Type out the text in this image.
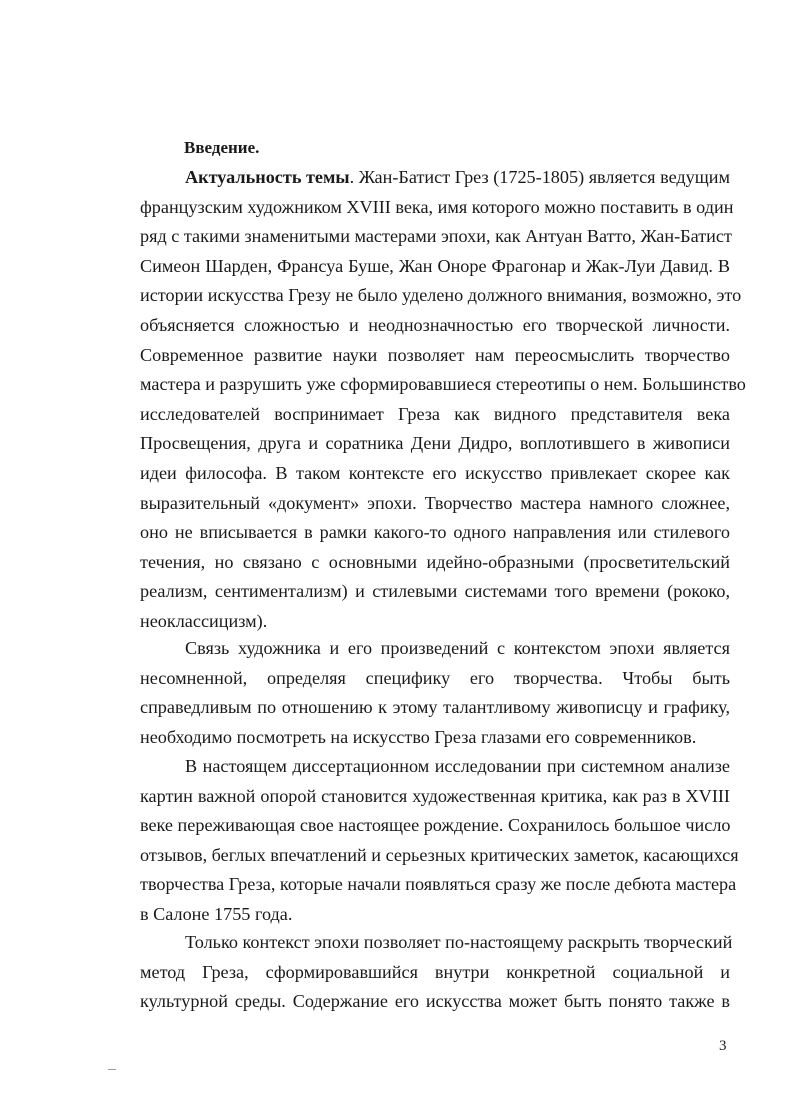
Введение.
Актуальность темы. Жан-Батист Грез (1725-1805) является ведущим
французским художником XVIII века, имя которого можно поставить в один
ряд с такими знаменитыми мастерами эпохи, как Антуан Ватто, Жан-Батист
Симеон Шарден, Франсуа Буше, Жан Оноре Фрагонар и Жак-Луи Давид. В
истории искусства Грезу не было уделено должного внимания, возможно, это
объясняется сложностью и неоднозначностью его творческой личности.
Современное развитие науки позволяет нам переосмыслить творчество
мастера и разрушить уже сформировавшиеся стереотипы о нем. Большинство
исследователей воспринимает Греза как видного представителя века
Просвещения, друга и соратника Дени Дидро, воплотившего в живописи
идеи философа. В таком контексте его искусство привлекает скорее как
выразительный «документ» эпохи. Творчество мастера намного сложнее,
оно не вписывается в рамки какого-то одного направления или стилевого
течения, но связано с основными идейно-образными (просветительский
реализм, сентиментализм) и стилевыми системами того времени (рококо,
неоклассицизм).
Связь художника и его произведений с контекстом эпохи является
несомненной, определяя специфику его творчества. Чтобы быть
справедливым по отношению к этому талантливому живописцу и графику,
необходимо посмотреть на искусство Греза глазами его современников.
В настоящем диссертационном исследовании при системном анализе
картин важной опорой становится художественная критика, как раз в XVIII
веке переживающая свое настоящее рождение. Сохранилось большое число
отзывов, беглых впечатлений и серьезных критических заметок, касающихся
творчества Греза, которые начали появляться сразу же после дебюта мастера
в Салоне 1755 года.
Только контекст эпохи позволяет по-настоящему раскрыть творческий
метод Греза, сформировавшийся внутри конкретной социальной и
культурной среды. Содержание его искусства может быть понято также в
3
